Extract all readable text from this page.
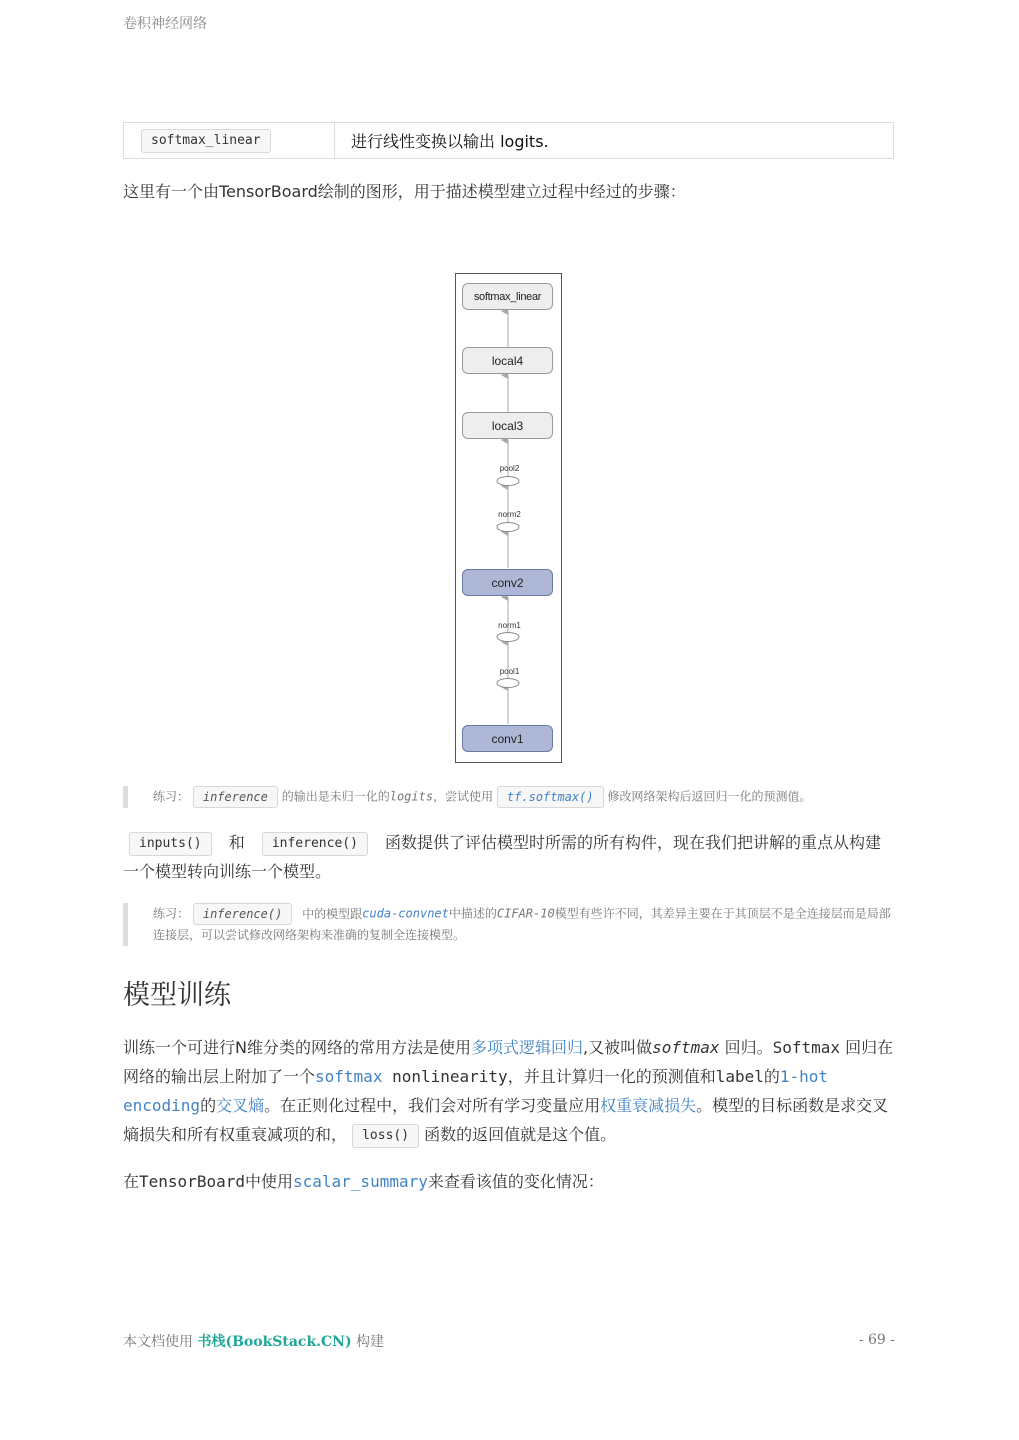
卷积神经网络
softmax_linear	进行线性变换以输出 logits.
这里有一个由TensorBoard绘制的图形，用于描述模型建立过程中经过的步骤：
softmax_linear
local4
local3
pool2
norm2
conv2
norm1
pool1
conv1
练习： inference 的输出是未归一化的logits，尝试使用 tf.softmax() 修改网络架构后返回归一化的预测值。
inputs() 和 inference() 函数提供了评估模型时所需的所有构件，现在我们把讲解的重点从构建一个模型转向训练一个模型。
练习： inference() 中的模型跟cuda-convnet中描述的CIFAR-10模型有些许不同，其差异主要在于其顶层不是全连接层而是局部连接层，可以尝试修改网络架构来准确的复制全连接模型。
模型训练
训练一个可进行N维分类的网络的常用方法是使用多项式逻辑回归,又被叫做softmax 回归。Softmax 回归在网络的输出层上附加了一个softmax nonlinearity，并且计算归一化的预测值和label的1-hot encoding的交叉熵。在正则化过程中，我们会对所有学习变量应用权重衰减损失。模型的目标函数是求交叉熵损失和所有权重衰减项的和， loss() 函数的返回值就是这个值。
在TensorBoard中使用scalar_summary来查看该值的变化情况：
本文档使用 书栈(BookStack.CN) 构建	- 69 -
